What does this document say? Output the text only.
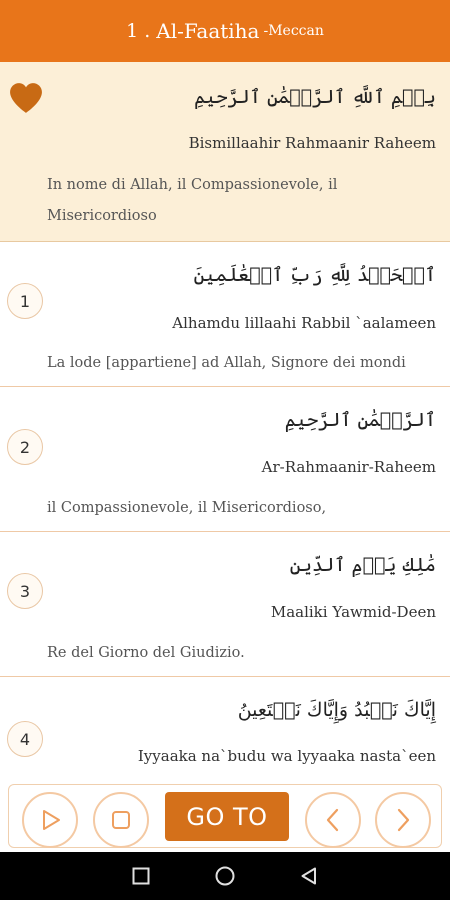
1 . Al-Faatiha -Meccan
بِسۡمِ ٱللَّهِ ٱلرَّحۡمَٰنِ ٱلرَّحِيمِ
Bismillaahir Rahmaanir Raheem
In nome di Allah, il Compassionevole, il Misericordioso
1
ٱلۡحَمۡدُ لِلَّهِ رَبِّ ٱلۡعَٰلَمِينَ
Alhamdu lillaahi Rabbil `aalameen
La lode [appartiene] ad Allah, Signore dei mondi
2
ٱلرَّحۡمَٰنِ ٱلرَّحِيمِ
Ar-Rahmaanir-Raheem
il Compassionevole, il Misericordioso,
3
مَٰلِكِ يَوۡمِ ٱلدِّينِ
Maaliki Yawmid-Deen
Re del Giorno del Giudizio.
4
إِيَّاكَ نَعۡبُدُ وَإِيَّاكَ نَسۡتَعِينُ
Iyyaaka na`budu wa lyyaaka nasta`een
GO TO
